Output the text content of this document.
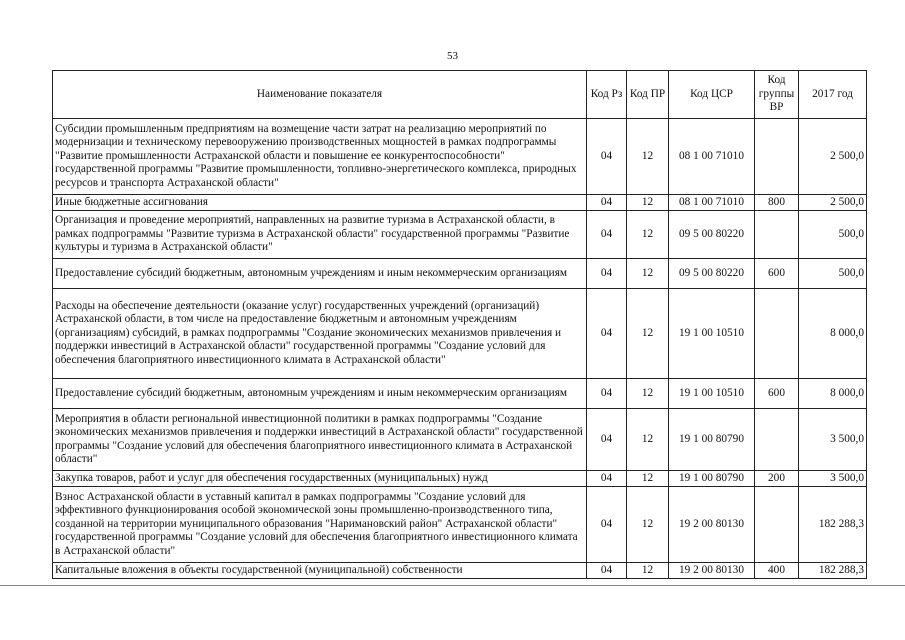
53
Наименование показателя	Код Рз	Код ПР	Код ЦСР	Код группы ВР	2017 год
Субсидии промышленным предприятиям на возмещение части затрат на реализацию мероприятий по модернизации и техническому перевооружению производственных мощностей в рамках подпрограммы "Развитие промышленности Астраханской области и повышение ее конкурентоспособности" государственной программы "Развитие промышленности, топливно-энергетического комплекса, природных ресурсов и транспорта Астраханской области"	04	12	08 1 00 71010		2 500,0
Иные бюджетные ассигнования	04	12	08 1 00 71010	800	2 500,0
Организация и проведение мероприятий, направленных на развитие туризма в Астраханской области, в рамках подпрограммы "Развитие туризма в Астраханской области" государственной программы "Развитие культуры и туризма в Астраханской области"	04	12	09 5 00 80220		500,0
Предоставление субсидий бюджетным, автономным учреждениям и иным некоммерческим организациям	04	12	09 5 00 80220	600	500,0
Расходы на обеспечение деятельности (оказание услуг) государственных учреждений (организаций) Астраханской области, в том числе на предоставление бюджетным и автономным учреждениям (организациям) субсидий, в рамках подпрограммы "Создание экономических механизмов привлечения и поддержки инвестиций в Астраханской области" государственной программы "Создание условий для обеспечения благоприятного инвестиционного климата в Астраханской области"	04	12	19 1 00 10510		8 000,0
Предоставление субсидий бюджетным, автономным учреждениям и иным некоммерческим организациям	04	12	19 1 00 10510	600	8 000,0
Мероприятия в области региональной инвестиционной политики в рамках подпрограммы "Создание экономических механизмов привлечения и поддержки инвестиций в Астраханской области" государственной программы "Создание условий для обеспечения благоприятного инвестиционного климата в Астраханской области"	04	12	19 1 00 80790		3 500,0
Закупка товаров, работ и услуг для обеспечения государственных (муниципальных) нужд	04	12	19 1 00 80790	200	3 500,0
Взнос Астраханской области в уставный капитал в рамках подпрограммы "Создание условий для эффективного функционирования особой экономической зоны промышленно-производственного типа, созданной на территории муниципального образования "Наримановский район" Астраханской области" государственной программы "Создание условий для обеспечения благоприятного инвестиционного климата в Астраханской области"	04	12	19 2 00 80130		182 288,3
Капитальные вложения в объекты государственной (муниципальной) собственности	04	12	19 2 00 80130	400	182 288,3
